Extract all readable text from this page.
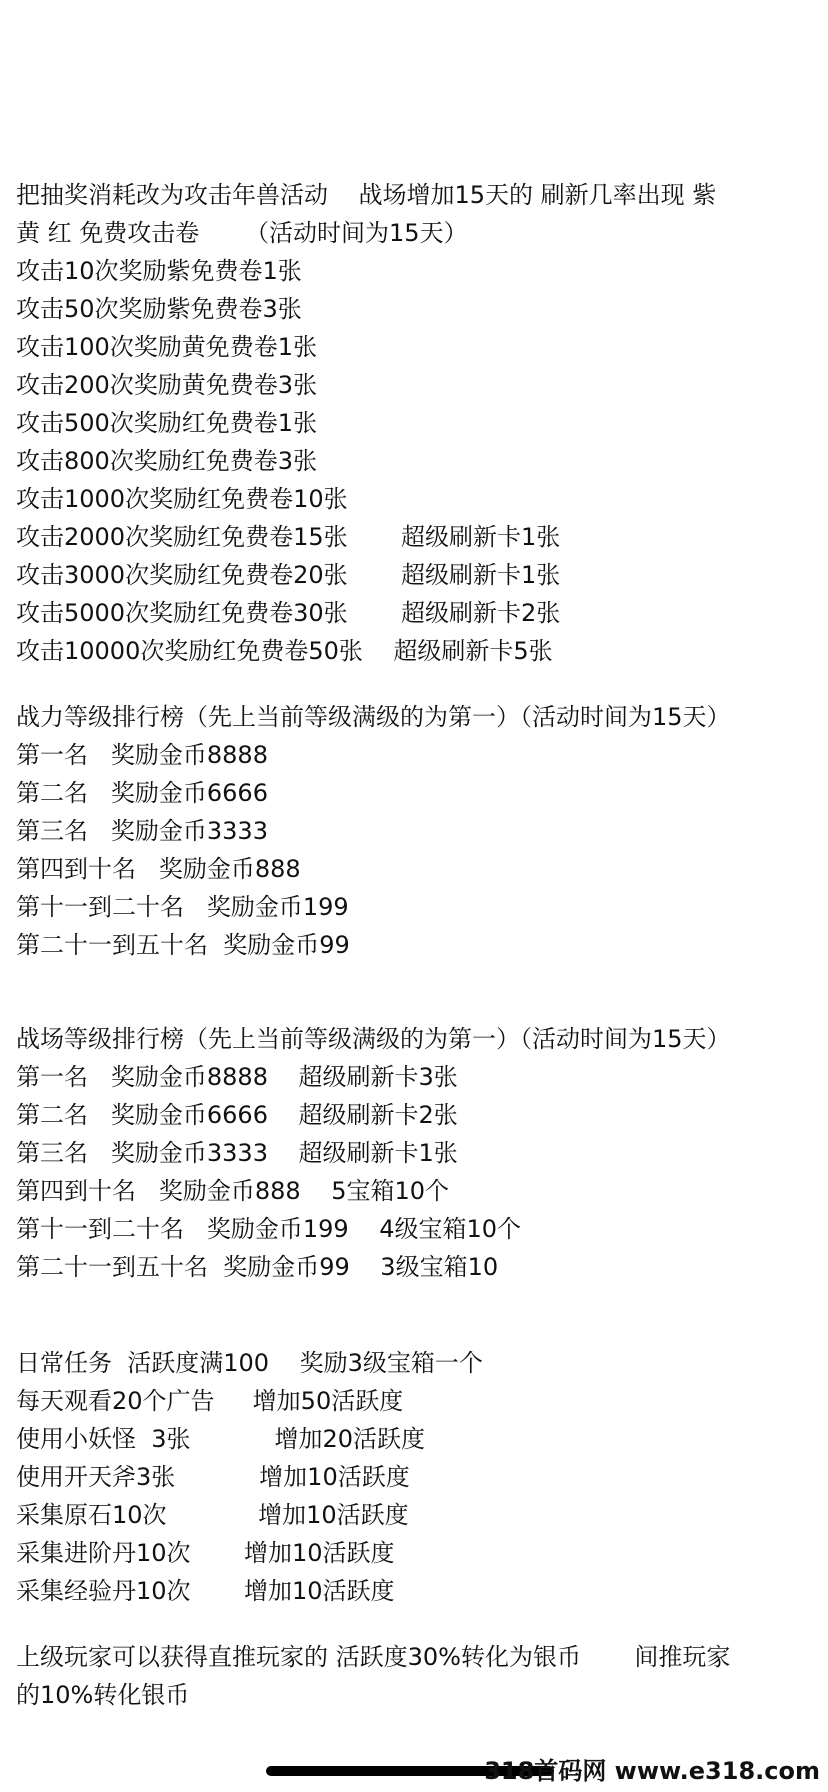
把抽奖消耗改为攻击年兽活动    战场增加15天的 刷新几率出现 紫
黄 红 免费攻击卷      （活动时间为15天）
攻击10次奖励紫免费卷1张
攻击50次奖励紫免费卷3张
攻击100次奖励黄免费卷1张
攻击200次奖励黄免费卷3张
攻击500次奖励红免费卷1张
攻击800次奖励红免费卷3张
攻击1000次奖励红免费卷10张
攻击2000次奖励红免费卷15张       超级刷新卡1张
攻击3000次奖励红免费卷20张       超级刷新卡1张
攻击5000次奖励红免费卷30张       超级刷新卡2张
攻击10000次奖励红免费卷50张    超级刷新卡5张
战力等级排行榜（先上当前等级满级的为第一）（活动时间为15天）
第一名   奖励金币8888
第二名   奖励金币6666
第三名   奖励金币3333
第四到十名   奖励金币888
第十一到二十名   奖励金币199
第二十一到五十名  奖励金币99
战场等级排行榜（先上当前等级满级的为第一）（活动时间为15天）
第一名   奖励金币8888    超级刷新卡3张
第二名   奖励金币6666    超级刷新卡2张
第三名   奖励金币3333    超级刷新卡1张
第四到十名   奖励金币888    5宝箱10个
第十一到二十名   奖励金币199    4级宝箱10个
第二十一到五十名  奖励金币99    3级宝箱10
日常任务  活跃度满100    奖励3级宝箱一个
每天观看20个广告     增加50活跃度
使用小妖怪  3张           增加20活跃度
使用开天斧3张           增加10活跃度
采集原石10次            增加10活跃度
采集进阶丹10次       增加10活跃度
采集经验丹10次       增加10活跃度
上级玩家可以获得直推玩家的 活跃度30%转化为银币       间推玩家
的10%转化银币
318首码网 www.e318.com
